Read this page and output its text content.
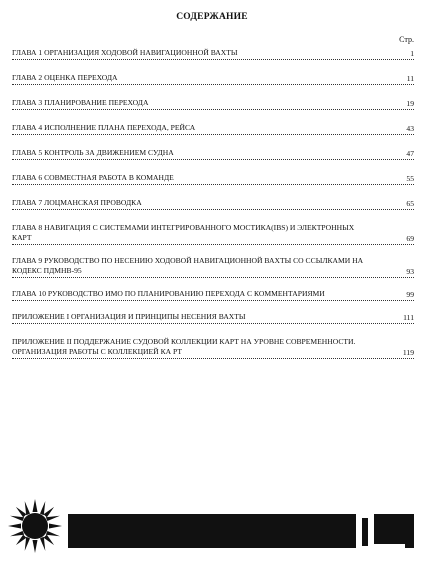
СОДЕРЖАНИЕ
Стр.
ГЛАВА 1 ОРГАНИЗАЦИЯ ХОДОВОЙ НАВИГАЦИОННОЙ ВАХТЫ	1
ГЛАВА 2 ОЦЕНКА ПЕРЕХОДА	11
ГЛАВА 3 ПЛАНИРОВАНИЕ ПЕРЕХОДА	19
ГЛАВА 4 ИСПОЛНЕНИЕ ПЛАНА ПЕРЕХОДА, РЕЙСА	43
ГЛАВА 5 КОНТРОЛЬ ЗА ДВИЖЕНИЕМ СУДНА	47
ГЛАВА 6 СОВМЕСТНАЯ РАБОТА В КОМАНДЕ	55
ГЛАВА 7 ЛОЦМАНСКАЯ ПРОВОДКА	65
ГЛАВА 8 НАВИГАЦИЯ С СИСТЕМАМИ ИНТЕГРИРОВАННОГО МОСТИКА(IBS) И ЭЛЕКТРОННЫХ КАРТ	69
ГЛАВА 9 РУКОВОДСТВО ПО НЕСЕНИЮ ХОДОВОЙ НАВИГАЦИОННОЙ ВАХТЫ СО ССЫЛКАМИ НА КОДЕКС ПДМНВ-95	93
ГЛАВА 10 РУКОВОДСТВО ИМО ПО ПЛАНИРОВАНИЮ ПЕРЕХОДА С КОММЕНТАРИЯМИ	99
ПРИЛОЖЕНИЕ I ОРГАНИЗАЦИЯ И ПРИНЦИПЫ НЕСЕНИЯ ВАХТЫ	111
ПРИЛОЖЕНИЕ II ПОДДЕРЖАНИЕ СУДОВОЙ КОЛЛЕКЦИИ КАРТ НА УРОВНЕ СОВРЕМЕННОСТИ. ОРГАНИЗАЦИЯ РАБОТЫ С КОЛЛЕКЦИЕЙ КА РТ	119
